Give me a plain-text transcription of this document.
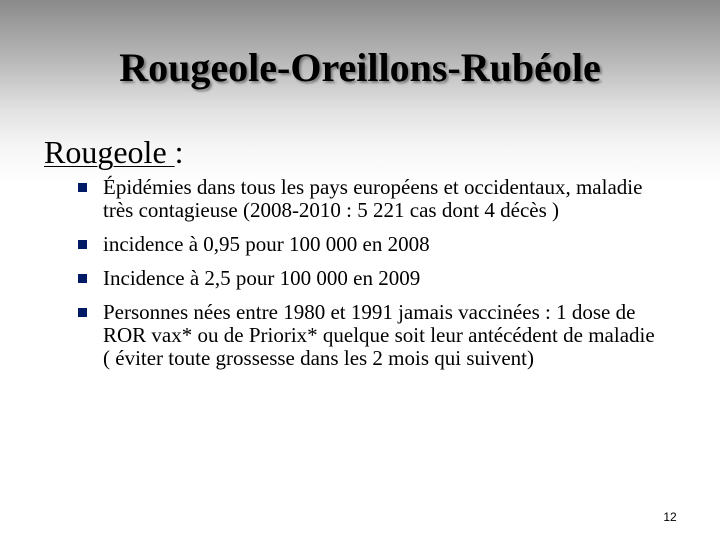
Rougeole-Oreillons-Rubéole
Rougeole :
Épidémies dans tous les pays européens et occidentaux, maladie très contagieuse (2008-2010 : 5 221 cas dont 4 décès )
incidence à 0,95 pour 100 000 en 2008
Incidence à 2,5 pour 100 000 en 2009
Personnes nées entre 1980 et 1991 jamais vaccinées : 1 dose de ROR vax* ou de Priorix* quelque soit leur antécédent de maladie ( éviter toute grossesse dans les 2 mois qui suivent)
12
